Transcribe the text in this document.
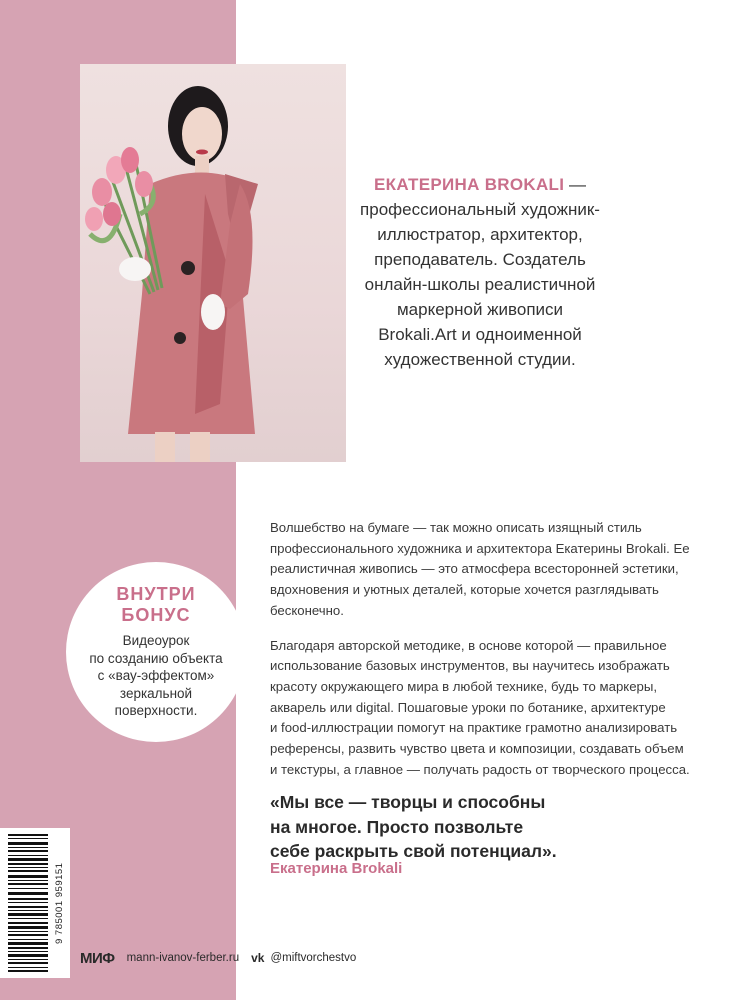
ЕКАТЕРИНА BROKALI —
профессиональный художник-
иллюстратор, архитектор,
преподаватель. Создатель
онлайн-школы реалистичной
маркерной живописи
Brokali.Art и одноименной
художественной студии.

Волшебство на бумаге — так можно описать изящный стиль
профессионального художника и архитектора Екатерины Brokali. Ее
реалистичная живопись — это атмосфера всесторонней эстетики,
вдохновения и уютных деталей, которые хочется разглядывать
бесконечно.

Благодаря авторской методике, в основе которой — правильное
использование базовых инструментов, вы научитесь изображать
красоту окружающего мира в любой технике, будь то маркеры,
акварель или digital. Пошаговые уроки по ботанике, архитектуре
и food-иллюстрации помогут на практике грамотно анализировать
референсы, развить чувство цвета и композиции, создавать объем
и текстуры, а главное — получать радость от творческого процесса.

ВНУТРИ
БОНУС
Видеоурок
по созданию объекта
с «вау-эффектом»
зеркальной
поверхности.
«Мы все — творцы и способны
на многое. Просто позвольте
себе раскрыть свой потенциал».
Екатерина Brokali
9 785001 959151
МИФ mann-ivanov-ferber.ru vk @miftvorchestvo
